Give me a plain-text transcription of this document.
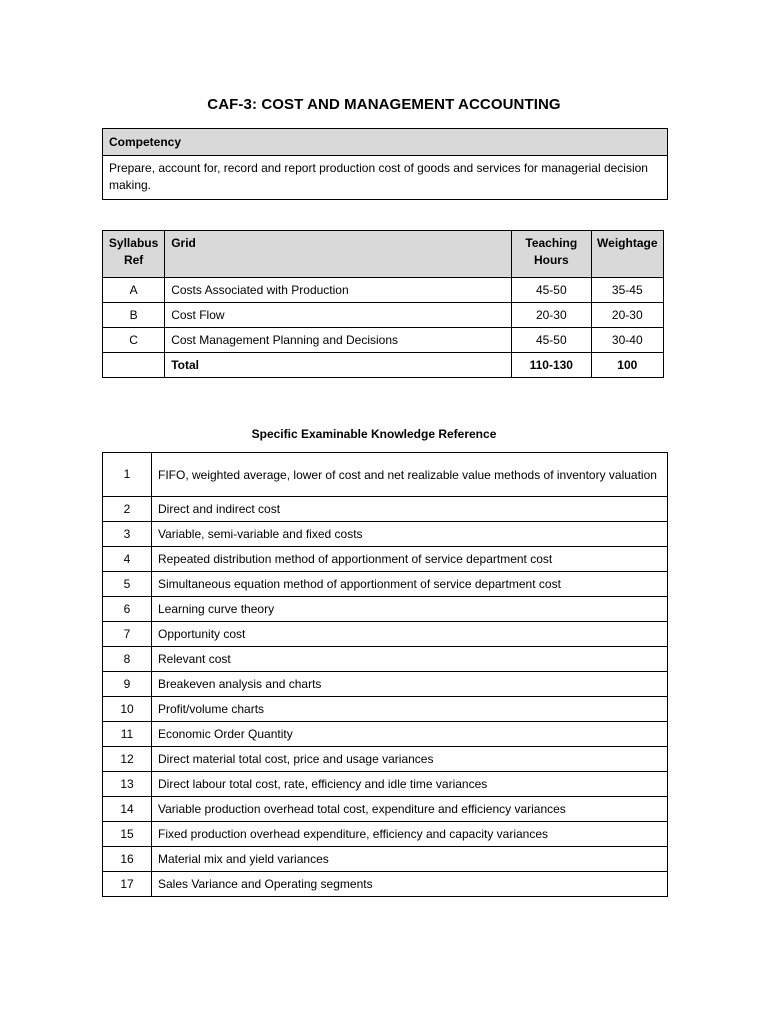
CAF-3: COST AND MANAGEMENT ACCOUNTING
Competency
Prepare, account for, record and report production cost of goods and services for managerial decision making.
Syllabus Ref	Grid	Teaching Hours	Weightage
A	Costs Associated with Production	45-50	35-45
B	Cost Flow	20-30	20-30
C	Cost Management Planning and Decisions	45-50	30-40
	Total	110-130	100
Specific Examinable Knowledge Reference
1	FIFO, weighted average, lower of cost and net realizable value methods of inventory valuation
2	Direct and indirect cost
3	Variable, semi-variable and fixed costs
4	Repeated distribution method of apportionment of service department cost
5	Simultaneous equation method of apportionment of service department cost
6	Learning curve theory
7	Opportunity cost
8	Relevant cost
9	Breakeven analysis and charts
10	Profit/volume charts
11	Economic Order Quantity
12	Direct material total cost, price and usage variances
13	Direct labour total cost, rate, efficiency and idle time variances
14	Variable production overhead total cost, expenditure and efficiency variances
15	Fixed production overhead expenditure, efficiency and capacity variances
16	Material mix and yield variances
17	Sales Variance and Operating segments
